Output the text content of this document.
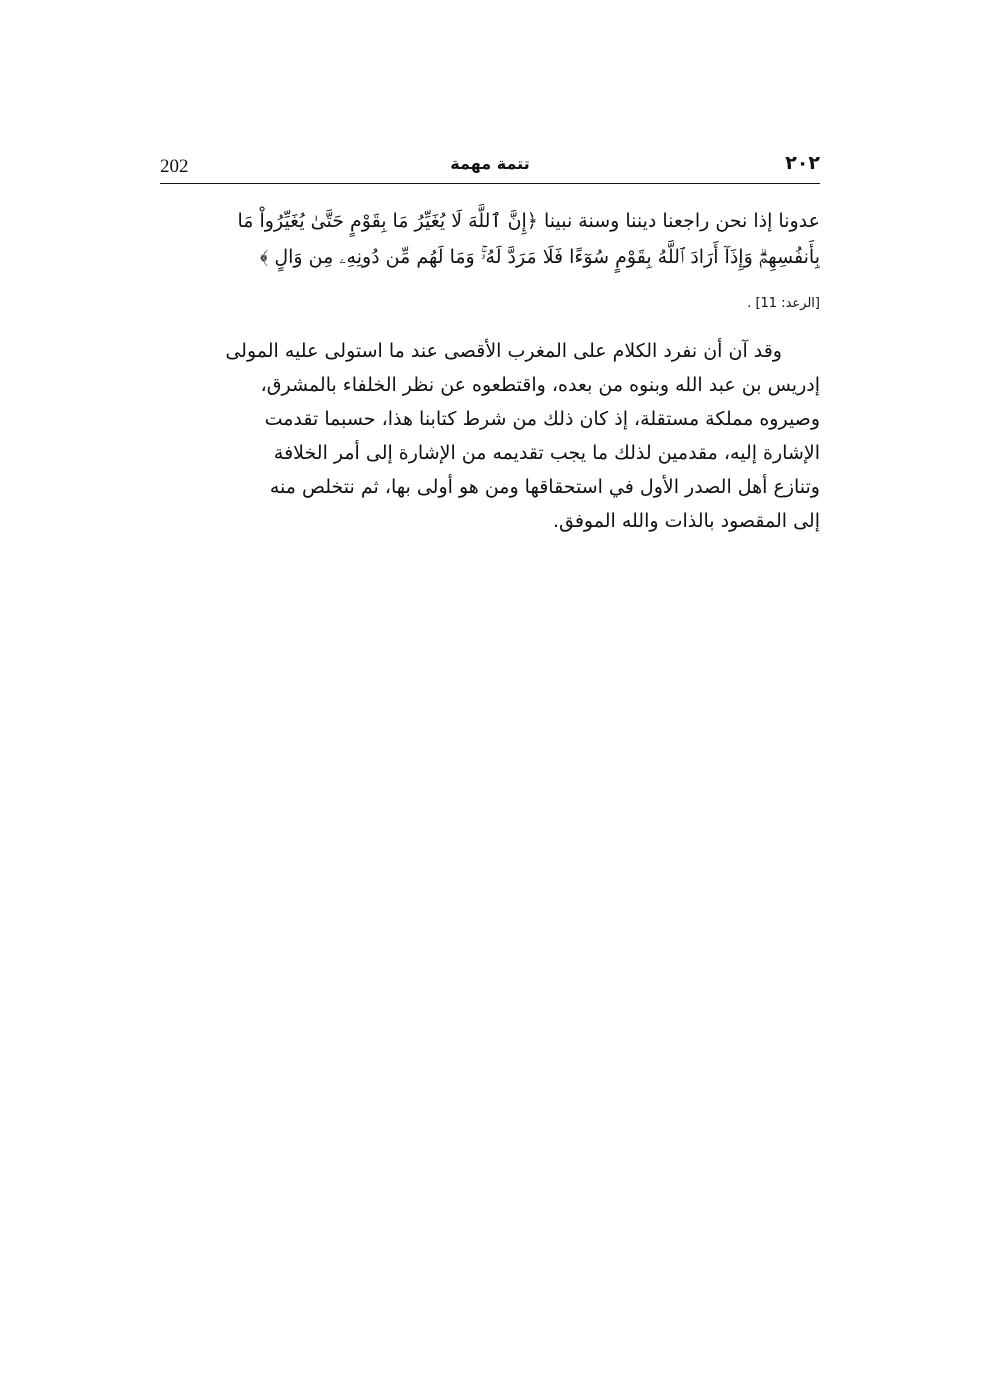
202	تتمة مهمة	٢٠٢
عدونا إذا نحن راجعنا ديننا وسنة نبينا ﴿إِنَّ ٱللَّهَ لَا يُغَيِّرُ مَا بِقَوْمٍ حَتَّىٰ يُغَيِّرُواْ مَا
بِأَنفُسِهِمْۗ وَإِذَآ أَرَادَ ٱللَّهُ بِقَوْمٍ سُوٓءًا فَلَا مَرَدَّ لَهُۥۚ وَمَا لَهُم مِّن دُونِهِۦ مِن وَالٍ ﴾
[الرعد: 11] .
وقد آن أن نفرد الكلام على المغرب الأقصى عند ما استولى عليه المولى
إدريس بن عبد الله وبنوه من بعده، واقتطعوه عن نظر الخلفاء بالمشرق،
وصيروه مملكة مستقلة، إذ كان ذلك من شرط كتابنا هذا، حسبما تقدمت
الإشارة إليه، مقدمين لذلك ما يجب تقديمه من الإشارة إلى أمر الخلافة
وتنازع أهل الصدر الأول في استحقاقها ومن هو أولى بها، ثم نتخلص منه
إلى المقصود بالذات والله الموفق.
